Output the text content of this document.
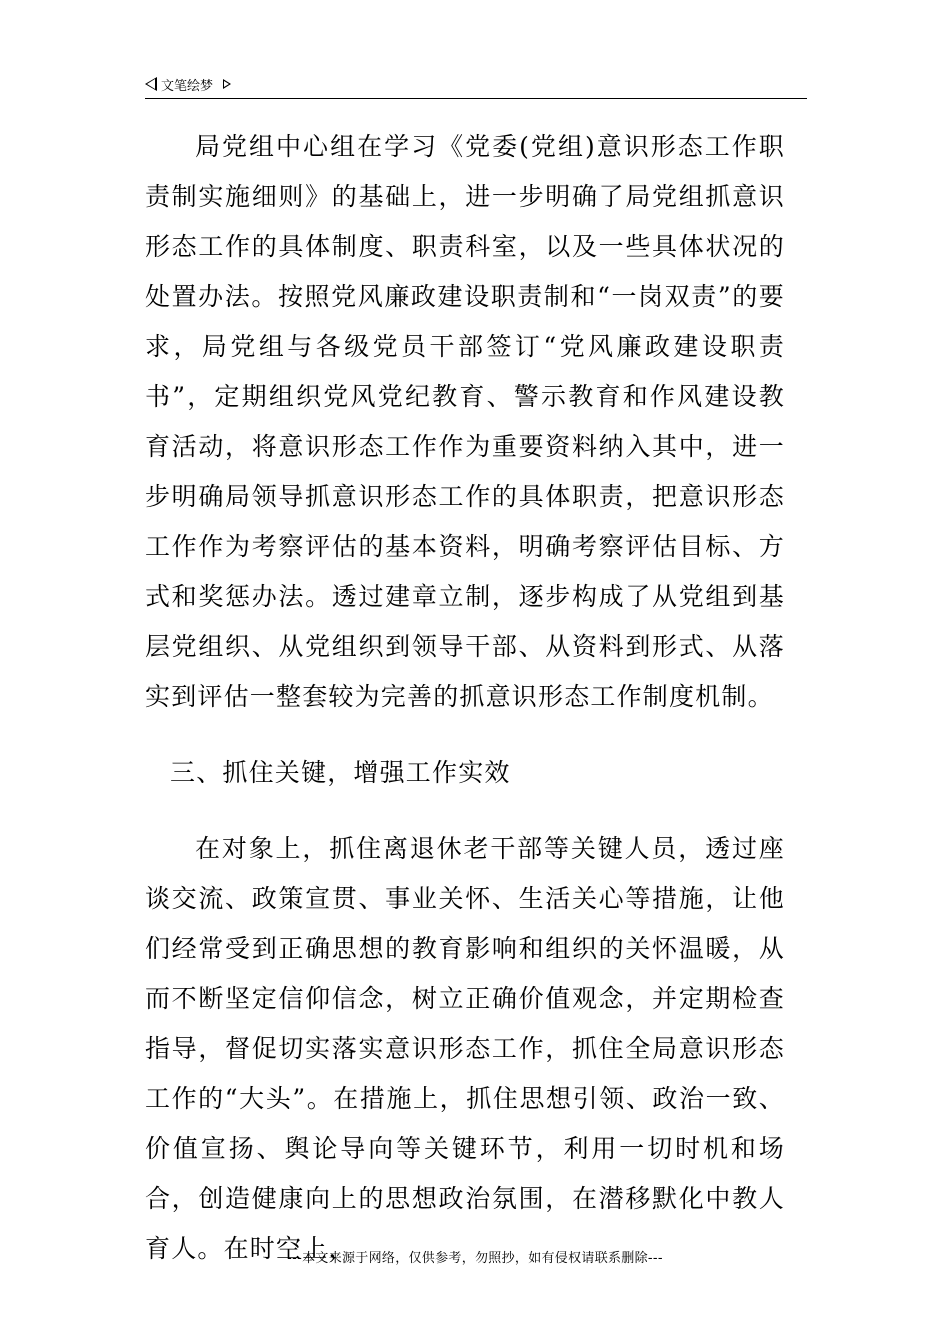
文笔绘梦

局党组中心组在学习《党委(党组)意识形态工作职责制实施细则》的基础上，进一步明确了局党组抓意识形态工作的具体制度、职责科室，以及一些具体状况的处置办法。按照党风廉政建设职责制和“一岗双责”的要求，局党组与各级党员干部签订“党风廉政建设职责书”，定期组织党风党纪教育、警示教育和作风建设教育活动，将意识形态工作作为重要资料纳入其中，进一步明确局领导抓意识形态工作的具体职责，把意识形态工作作为考察评估的基本资料，明确考察评估目标、方式和奖惩办法。透过建章立制，逐步构成了从党组到基层党组织、从党组织到领导干部、从资料到形式、从落实到评估一整套较为完善的抓意识形态工作制度机制。

三、抓住关键，增强工作实效

在对象上，抓住离退休老干部等关键人员，透过座谈交流、政策宣贯、事业关怀、生活关心等措施，让他们经常受到正确思想的教育影响和组织的关怀温暖，从而不断坚定信仰信念，树立正确价值观念，并定期检查指导，督促切实落实意识形态工作，抓住全局意识形态工作的“大头”。在措施上，抓住思想引领、政治一致、价值宣扬、舆论导向等关键环节，利用一切时机和场合，创造健康向上的思想政治氛围，在潜移默化中教人育人。在时空上，

---本文来源于网络，仅供参考，勿照抄，如有侵权请联系删除---
